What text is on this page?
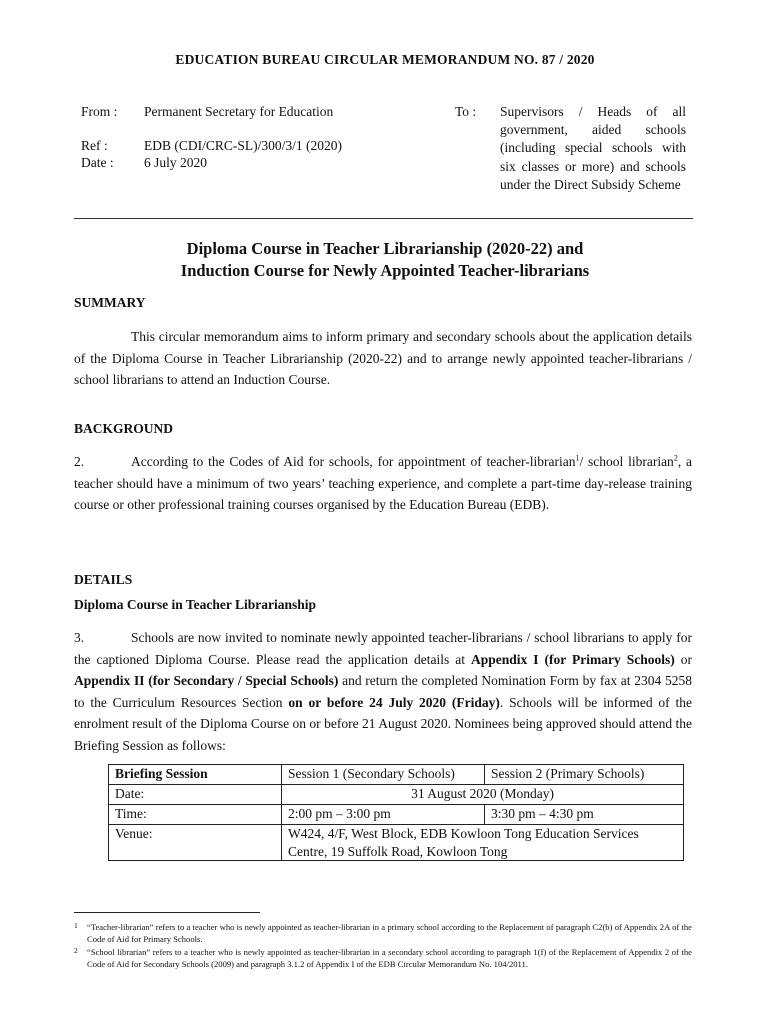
EDUCATION BUREAU CIRCULAR MEMORANDUM NO. 87 / 2020
From : Permanent Secretary for Education
Ref :	EDB (CDI/CRC-SL)/300/3/1 (2020)
Date : 6 July 2020
To : Supervisors / Heads of all government, aided schools (including special schools with six classes or more) and schools under the Direct Subsidy Scheme
Diploma Course in Teacher Librarianship (2020-22) and
Induction Course for Newly Appointed Teacher-librarians
SUMMARY

This circular memorandum aims to inform primary and secondary schools about the application details of the Diploma Course in Teacher Librarianship (2020-22) and to arrange newly appointed teacher-librarians / school librarians to attend an Induction Course.

BACKGROUND

2.	According to the Codes of Aid for schools, for appointment of teacher-librarian$^1$/ school librarian$^2$, a teacher should have a minimum of two years’ teaching experience, and complete a part-time day-release training course or other professional training courses organised by the Education Bureau (EDB).

DETAILS
Diploma Course in Teacher Librarianship

3.	Schools are now invited to nominate newly appointed teacher-librarians / school librarians to apply for the captioned Diploma Course. Please read the application details at Appendix I (for Primary Schools) or Appendix II (for Secondary / Special Schools) and return the completed Nomination Form by fax at 2304 5258 to the Curriculum Resources Section on or before 24 July 2020 (Friday). Schools will be informed of the enrolment result of the Diploma Course on or before 21 August 2020. Nominees being approved should attend the Briefing Session as follows:

Briefing Session	Session 1 (Secondary Schools)	Session 2 (Primary Schools)
Date:	31 August 2020 (Monday)	
Time:	2:00 pm – 3:00 pm	3:30 pm – 4:30 pm
Venue:	W424, 4/F, West Block, EDB Kowloon Tong Education Services Centre, 19 Suffolk Road, Kowloon Tong	
1 “Teacher-librarian” refers to a teacher who is newly appointed as teacher-librarian in a primary school according to the Replacement of paragraph C2(b) of Appendix 2A of the Code of Aid for Primary Schools.
2 “School librarian” refers to a teacher who is newly appointed as teacher-librarian in a secondary school according to paragraph 1(f) of the Replacement of Appendix 2 of the Code of Aid for Secondary Schools (2009) and paragraph 3.1.2 of Appendix I of the EDB Circular Memorandum No. 104/2011.
